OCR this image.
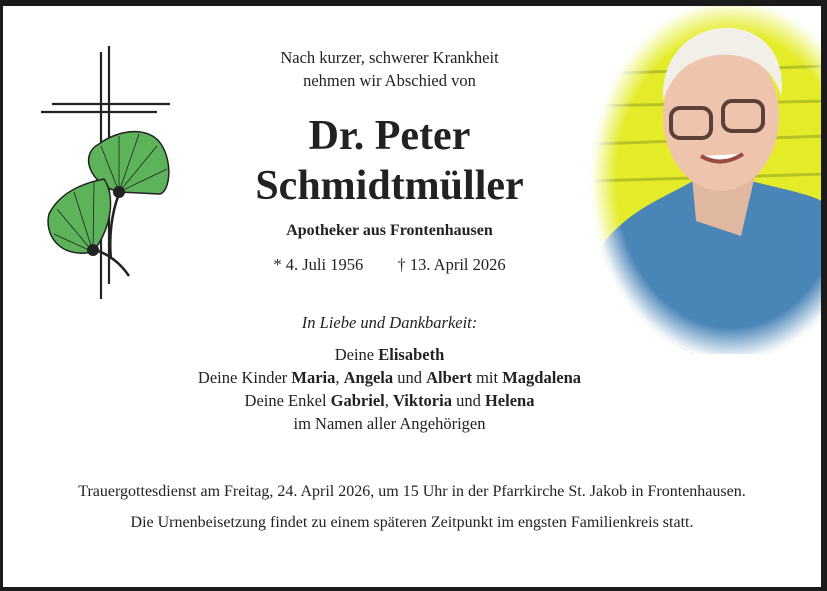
Nach kurzer, schwerer Krankheit
nehmen wir Abschied von
Dr. Peter
Schmidtmüller
Apotheker aus Frontenhausen
* 4. Juli 1956 † 13. April 2026
In Liebe und Dankbarkeit:
Deine Elisabeth
Deine Kinder Maria, Angela und Albert mit Magdalena
Deine Enkel Gabriel, Viktoria und Helena
im Namen aller Angehörigen
Trauergottesdienst am Freitag, 24. April 2026, um 15 Uhr in der Pfarrkirche St. Jakob in Frontenhausen.
Die Urnenbeisetzung findet zu einem späteren Zeitpunkt im engsten Familienkreis statt.
